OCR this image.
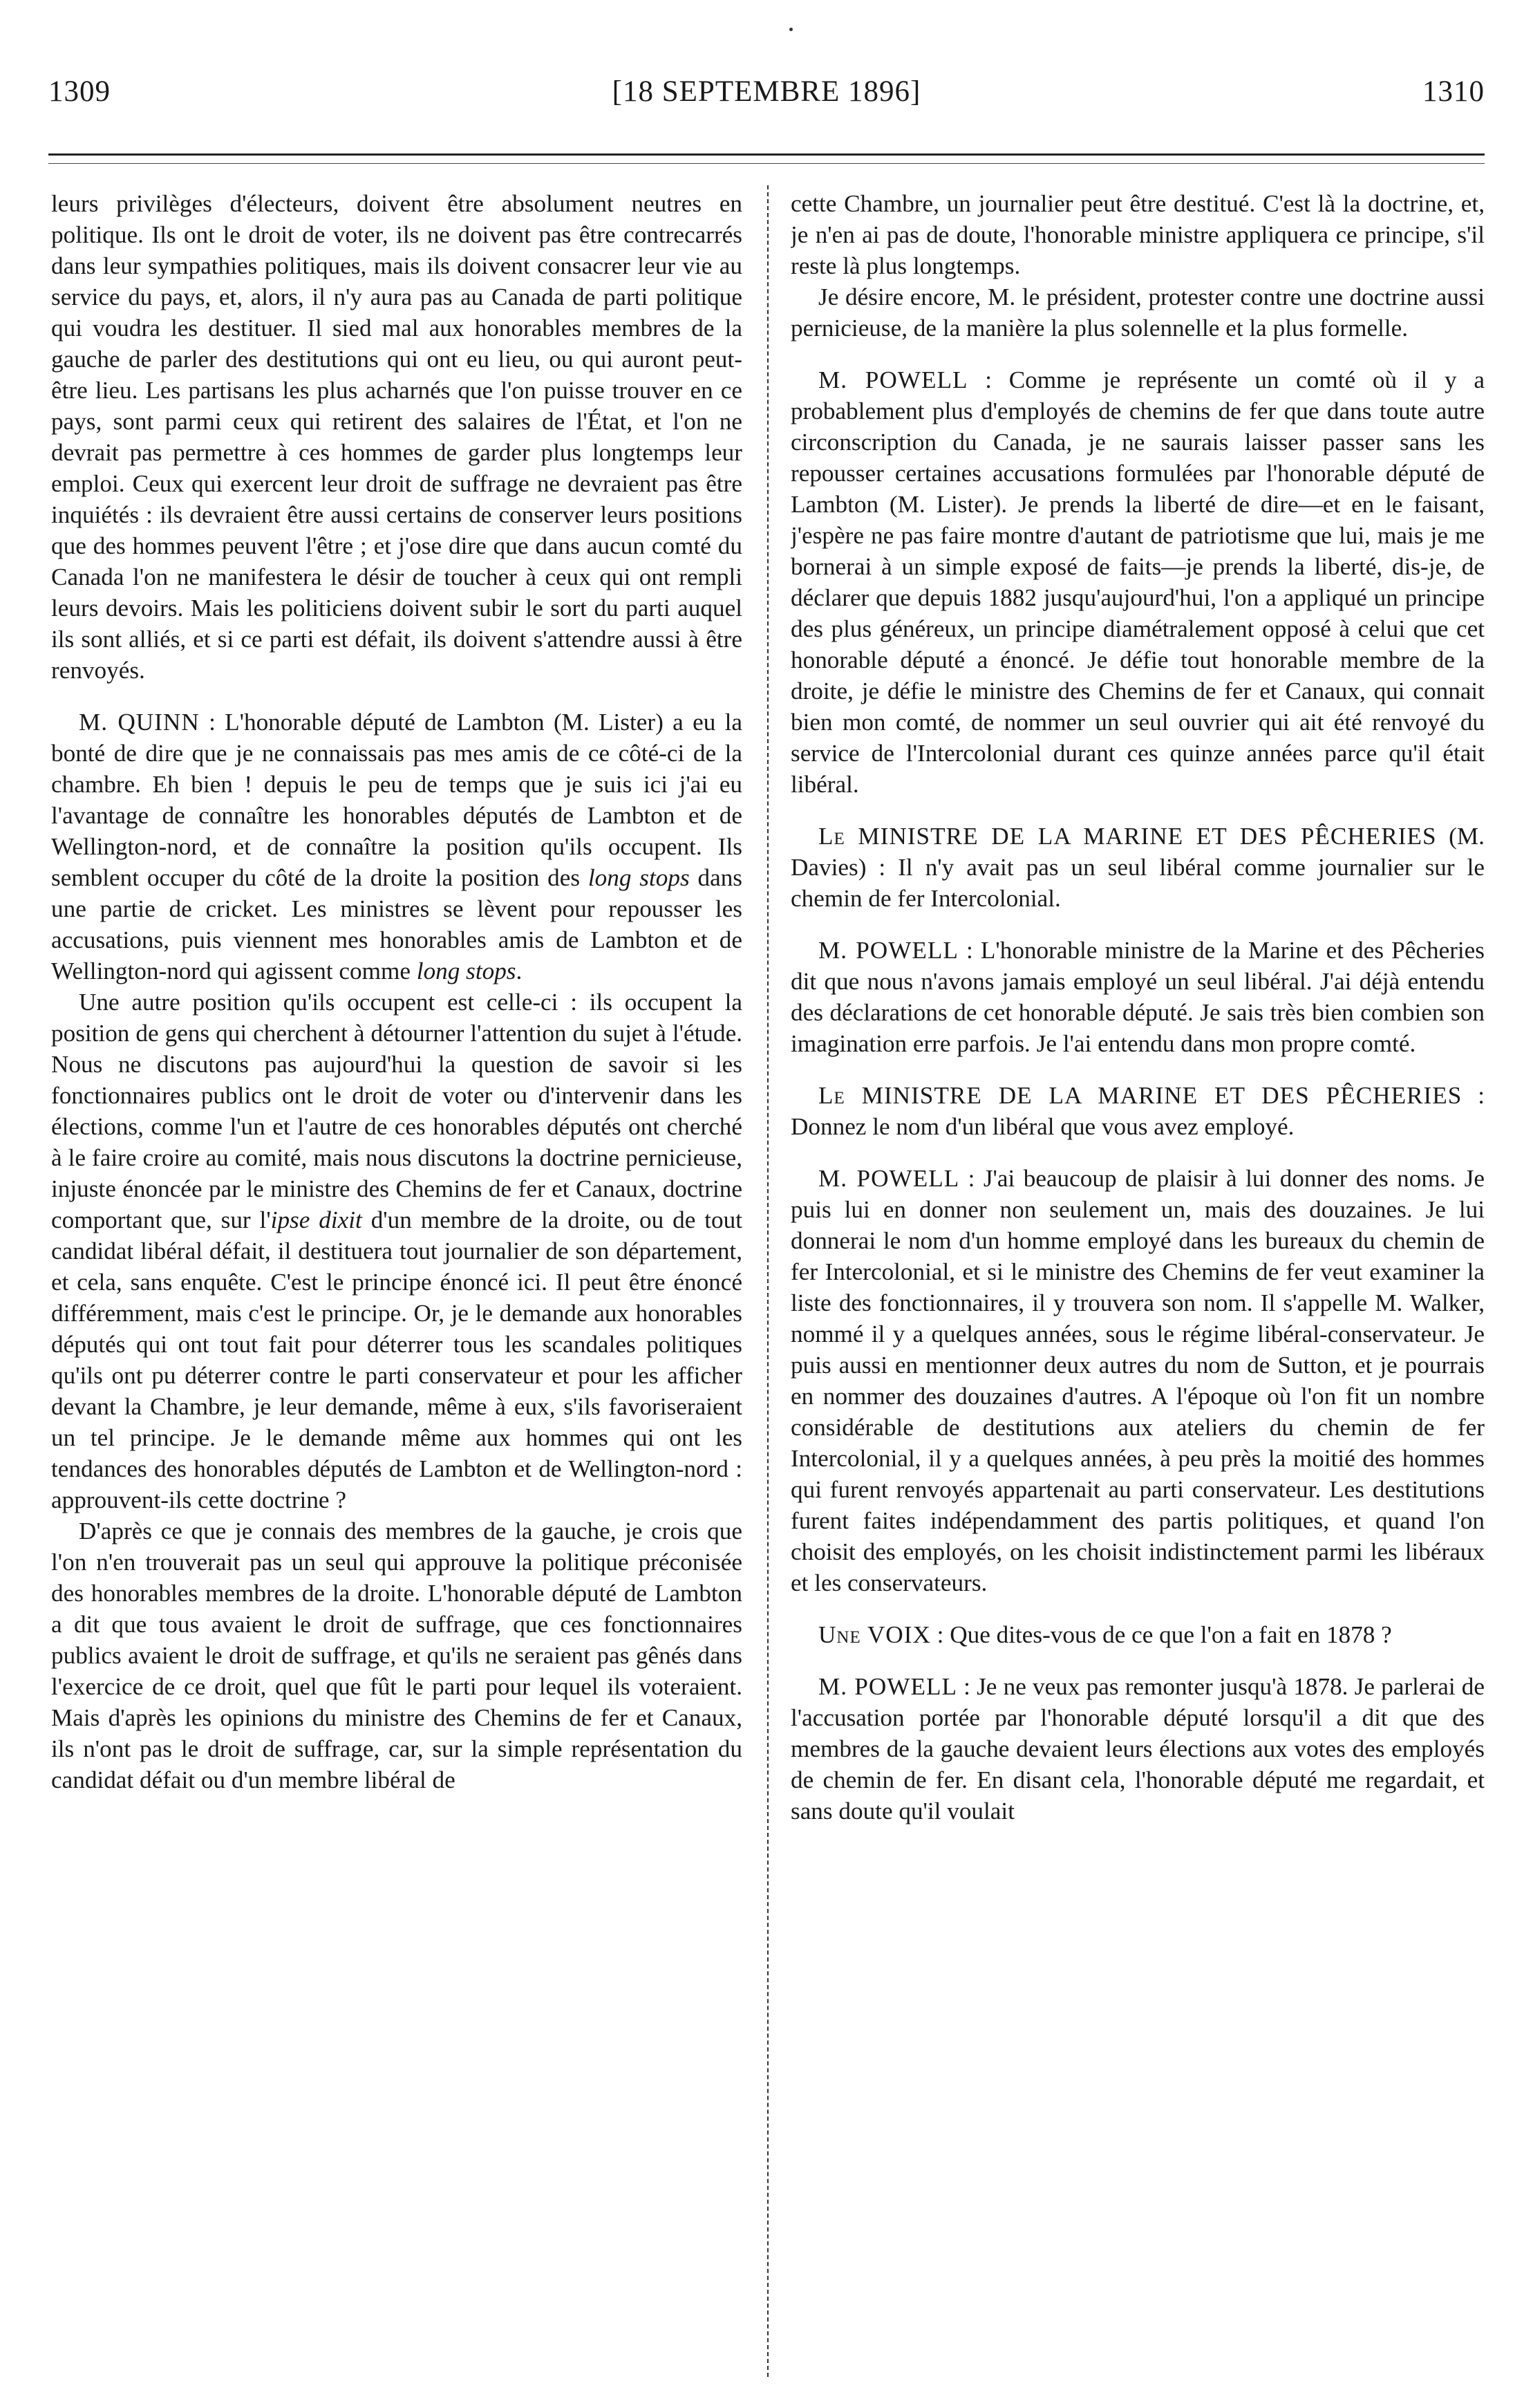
1309	[18 SEPTEMBRE 1896]	1310

leurs privilèges d'électeurs, doivent être absolument neutres en politique. Ils ont le droit de voter, ils ne doivent pas être contrecarrés dans leur sympathies politiques, mais ils doivent consacrer leur vie au service du pays, et, alors, il n'y aura pas au Canada de parti politique qui voudra les destituer. Il sied mal aux honorables membres de la gauche de parler des destitutions qui ont eu lieu, ou qui auront peut-être lieu. Les partisans les plus acharnés que l'on puisse trouver en ce pays, sont parmi ceux qui retirent des salaires de l'État, et l'on ne devrait pas permettre à ces hommes de garder plus longtemps leur emploi. Ceux qui exercent leur droit de suffrage ne devraient pas être inquiétés : ils devraient être aussi certains de conserver leurs positions que des hommes peuvent l'être ; et j'ose dire que dans aucun comté du Canada l'on ne manifestera le désir de toucher à ceux qui ont rempli leurs devoirs. Mais les politiciens doivent subir le sort du parti auquel ils sont alliés, et si ce parti est défait, ils doivent s'attendre aussi à être renvoyés.

M. QUINN : L'honorable député de Lambton (M. Lister) a eu la bonté de dire que je ne connaissais pas mes amis de ce côté-ci de la chambre. Eh bien ! depuis le peu de temps que je suis ici j'ai eu l'avantage de connaître les honorables députés de Lambton et de Wellington-nord, et de connaître la position qu'ils occupent. Ils semblent occuper du côté de la droite la position des long stops dans une partie de cricket. Les ministres se lèvent pour repousser les accusations, puis viennent mes honorables amis de Lambton et de Wellington-nord qui agissent comme long stops.

Une autre position qu'ils occupent est celle-ci : ils occupent la position de gens qui cherchent à détourner l'attention du sujet à l'étude. Nous ne discutons pas aujourd'hui la question de savoir si les fonctionnaires publics ont le droit de voter ou d'intervenir dans les élections, comme l'un et l'autre de ces honorables députés ont cherché à le faire croire au comité, mais nous discutons la doctrine pernicieuse, injuste énoncée par le ministre des Chemins de fer et Canaux, doctrine comportant que, sur l'ipse dixit d'un membre de la droite, ou de tout candidat libéral défait, il destituera tout journalier de son département, et cela, sans enquête. C'est le principe énoncé ici. Il peut être énoncé différemment, mais c'est le principe. Or, je le demande aux honorables députés qui ont tout fait pour déterrer tous les scandales politiques qu'ils ont pu déterrer contre le parti conservateur et pour les afficher devant la Chambre, je leur demande, même à eux, s'ils favoriseraient un tel principe. Je le demande même aux hommes qui ont les tendances des honorables députés de Lambton et de Wellington-nord : approuvent-ils cette doctrine ?

D'après ce que je connais des membres de la gauche, je crois que l'on n'en trouverait pas un seul qui approuve la politique préconisée des honorables membres de la droite. L'honorable député de Lambton a dit que tous avaient le droit de suffrage, que ces fonctionnaires publics avaient le droit de suffrage, et qu'ils ne seraient pas gênés dans l'exercice de ce droit, quel que fût le parti pour lequel ils voteraient. Mais d'après les opinions du ministre des Chemins de fer et Canaux, ils n'ont pas le droit de suffrage, car, sur la simple représentation du candidat défait ou d'un membre libéral de

cette Chambre, un journalier peut être destitué. C'est là la doctrine, et, je n'en ai pas de doute, l'honorable ministre appliquera ce principe, s'il reste là plus longtemps.

Je désire encore, M. le président, protester contre une doctrine aussi pernicieuse, de la manière la plus solennelle et la plus formelle.

M. POWELL : Comme je représente un comté où il y a probablement plus d'employés de chemins de fer que dans toute autre circonscription du Canada, je ne saurais laisser passer sans les repousser certaines accusations formulées par l'honorable député de Lambton (M. Lister). Je prends la liberté de dire—et en le faisant, j'espère ne pas faire montre d'autant de patriotisme que lui, mais je me bornerai à un simple exposé de faits—je prends la liberté, dis-je, de déclarer que depuis 1882 jusqu'aujourd'hui, l'on a appliqué un principe des plus généreux, un principe diamétralement opposé à celui que cet honorable député a énoncé. Je défie tout honorable membre de la droite, je défie le ministre des Chemins de fer et Canaux, qui connait bien mon comté, de nommer un seul ouvrier qui ait été renvoyé du service de l'Intercolonial durant ces quinze années parce qu'il était libéral.

Le MINISTRE DE LA MARINE ET DES PÊCHERIES (M. Davies) : Il n'y avait pas un seul libéral comme journalier sur le chemin de fer Intercolonial.

M. POWELL : L'honorable ministre de la Marine et des Pêcheries dit que nous n'avons jamais employé un seul libéral. J'ai déjà entendu des déclarations de cet honorable député. Je sais très bien combien son imagination erre parfois. Je l'ai entendu dans mon propre comté.

Le MINISTRE DE LA MARINE ET DES PÊCHERIES : Donnez le nom d'un libéral que vous avez employé.

M. POWELL : J'ai beaucoup de plaisir à lui donner des noms. Je puis lui en donner non seulement un, mais des douzaines. Je lui donnerai le nom d'un homme employé dans les bureaux du chemin de fer Intercolonial, et si le ministre des Chemins de fer veut examiner la liste des fonctionnaires, il y trouvera son nom. Il s'appelle M. Walker, nommé il y a quelques années, sous le régime libéral-conservateur. Je puis aussi en mentionner deux autres du nom de Sutton, et je pourrais en nommer des douzaines d'autres. A l'époque où l'on fit un nombre considérable de destitutions aux ateliers du chemin de fer Intercolonial, il y a quelques années, à peu près la moitié des hommes qui furent renvoyés appartenait au parti conservateur. Les destitutions furent faites indépendamment des partis politiques, et quand l'on choisit des employés, on les choisit indistinctement parmi les libéraux et les conservateurs.

Une VOIX : Que dites-vous de ce que l'on a fait en 1878 ?

M. POWELL : Je ne veux pas remonter jusqu'à 1878. Je parlerai de l'accusation portée par l'honorable député lorsqu'il a dit que des membres de la gauche devaient leurs élections aux votes des employés de chemin de fer. En disant cela, l'honorable député me regardait, et sans doute qu'il voulait
